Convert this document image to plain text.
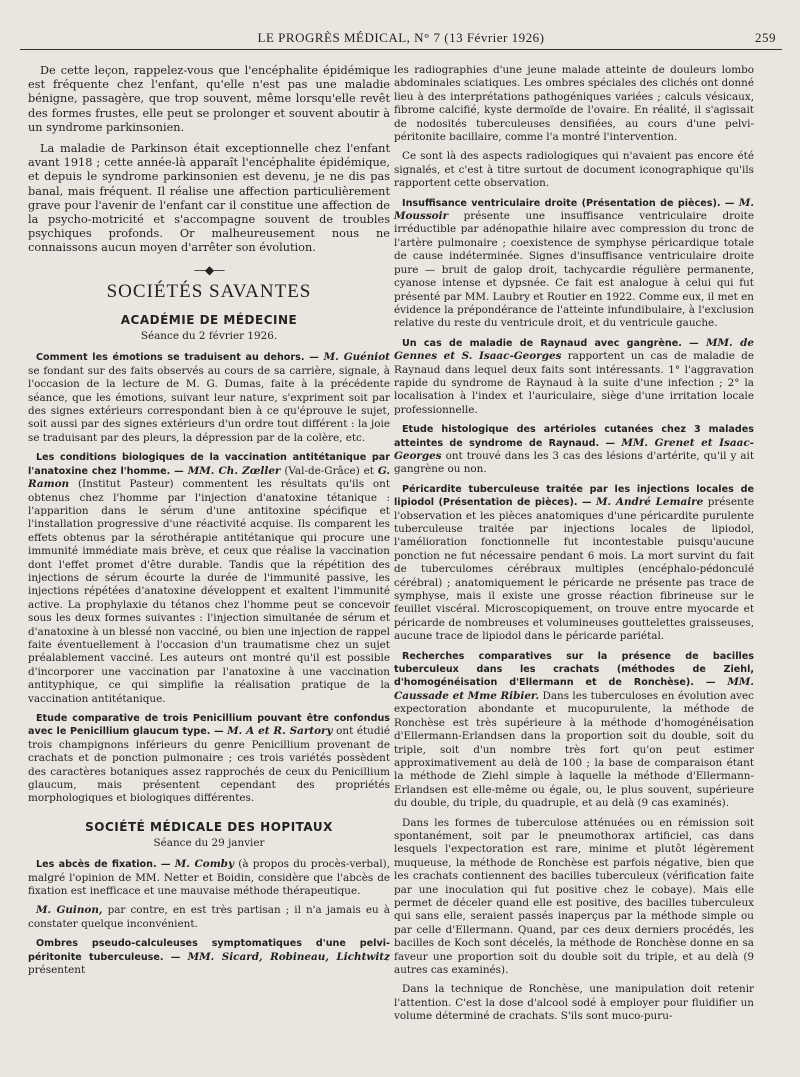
LE PROGRÈS MÉDICAL, N° 7 (13 Février 1926)	259

De cette leçon, rappelez-vous que l'encéphalite épidémique est fréquente chez l'enfant, qu'elle n'est pas une maladie bénigne, passagère, que trop souvent, même lorsqu'elle revêt des formes frustes, elle peut se prolonger et souvent aboutir à un syndrome parkinsonien.

La maladie de Parkinson était exceptionnelle chez l'enfant avant 1918 ; cette année-là apparaît l'encéphalite épidémique, et depuis le syndrome parkinsonien est devenu, je ne dis pas banal, mais fréquent. Il réalise une affection particulièrement grave pour l'avenir de l'enfant car il constitue une affection de la psycho-motricité et s'accompagne souvent de troubles psychiques profonds. Or malheureusement nous ne connaissons aucun moyen d'arrêter son évolution.

—◆—
SOCIÉTÉS SAVANTES
ACADÉMIE DE MÉDECINE
Séance du 2 février 1926.

Comment les émotions se traduisent au dehors. — M. Guéniot se fondant sur des faits observés au cours de sa carrière, signale, à l'occasion de la lecture de M. G. Dumas, faite à la précédente séance, que les émotions, suivant leur nature, s'expriment soit par des signes extérieurs correspondant bien à ce qu'éprouve le sujet, soit aussi par des signes extérieurs d'un ordre tout différent : la joie se traduisant par des pleurs, la dépression par de la colère, etc.

Les conditions biologiques de la vaccination antitétanique par l'anatoxine chez l'homme. — MM. Ch. Zœller (Val-de-Grâce) et G. Ramon (Institut Pasteur) commentent les résultats qu'ils ont obtenus chez l'homme par l'injection d'anatoxine tétanique : l'apparition dans le sérum d'une antitoxine spécifique et l'installation progressive d'une réactivité acquise. Ils comparent les effets obtenus par la sérothérapie antitétanique qui procure une immunité immédiate mais brève, et ceux que réalise la vaccination dont l'effet promet d'être durable. Tandis que la répétition des injections de sérum écourte la durée de l'immunité passive, les injections répétées d'anatoxine développent et exaltent l'immunité active. La prophylaxie du tétanos chez l'homme peut se concevoir sous les deux formes suivantes : l'injection simultanée de sérum et d'anatoxine à un blessé non vacciné, ou bien une injection de rappel faite éventuellement à l'occasion d'un traumatisme chez un sujet préalablement vacciné. Les auteurs ont montré qu'il est possible d'incorporer une vaccination par l'anatoxine à une vaccination antityphique, ce qui simplifie la réalisation pratique de la vaccination antitétanique.

Etude comparative de trois Penicillium pouvant être confondus avec le Penicillium glaucum type. — M. A et R. Sartory ont étudié trois champignons inférieurs du genre Penicillium provenant de crachats et de ponction pulmonaire ; ces trois variétés possèdent des caractères botaniques assez rapprochés de ceux du Penicillium glaucum, mais présentent cependant des propriétés morphologiques et biologiques différentes.

SOCIÉTÉ MÉDICALE DES HOPITAUX
Séance du 29 janvier

Les abcès de fixation. — M. Comby (à propos du procès-verbal), malgré l'opinion de MM. Netter et Boidin, considère que l'abcès de fixation est inefficace et une mauvaise méthode thérapeutique.

M. Guinon, par contre, en est très partisan ; il n'a jamais eu à constater quelque inconvénient.

Ombres pseudo-calculeuses symptomatiques d'une pelvi-péritonite tuberculeuse. — MM. Sicard, Robineau, Lichtwitz présentent

les radiographies d'une jeune malade atteinte de douleurs lombo abdominales sciatiques. Les ombres spéciales des clichés ont donné lieu à des interprétations pathogéniques variées ; calculs vésicaux, fibrome calcifié, kyste dermoïde de l'ovaire. En réalité, il s'agissait de nodosités tuberculeuses densifiées, au cours d'une pelvi-péritonite bacillaire, comme l'a montré l'intervention.

Ce sont là des aspects radiologiques qui n'avaient pas encore été signalés, et c'est à titre surtout de document iconographique qu'ils rapportent cette observation.

Insuffisance ventriculaire droite (Présentation de pièces). — M. Moussoir présente une insuffisance ventriculaire droite irréductible par adénopathie hilaire avec compression du tronc de l'artère pulmonaire ; coexistence de symphyse péricardique totale de cause indéterminée. Signes d'insuffisance ventriculaire droite pure — bruit de galop droit, tachycardie régulière permanente, cyanose intense et dypsnée. Ce fait est analogue à celui qui fut présenté par MM. Laubry et Routier en 1922. Comme eux, il met en évidence la prépondérance de l'atteinte infundibulaire, à l'exclusion relative du reste du ventricule droit, et du ventricule gauche.

Un cas de maladie de Raynaud avec gangrène. — MM. de Gennes et S. Isaac-Georges rapportent un cas de maladie de Raynaud dans lequel deux faits sont intéressants. 1° l'aggravation rapide du syndrome de Raynaud à la suite d'une infection ; 2° la localisation à l'index et l'auriculaire, siège d'une irritation locale professionnelle.

Etude histologique des artérioles cutanées chez 3 malades atteintes de syndrome de Raynaud. — MM. Grenet et Isaac-Georges ont trouvé dans les 3 cas des lésions d'artérite, qu'il y ait gangrène ou non.

Péricardite tuberculeuse traitée par les injections locales de lipiodol (Présentation de pièces). — M. André Lemaire présente l'observation et les pièces anatomiques d'une péricardite purulente tuberculeuse traitée par injections locales de lipiodol, l'amélioration fonctionnelle fut incontestable puisqu'aucune ponction ne fut nécessaire pendant 6 mois. La mort survint du fait de tuberculomes cérébraux multiples (encéphalo-pédonculé cérébral) ; anatomiquement le péricarde ne présente pas trace de symphyse, mais il existe une grosse réaction fibrineuse sur le feuillet viscéral. Microscopiquement, on trouve entre myocarde et péricarde de nombreuses et volumineuses gouttelettes graisseuses, aucune trace de lipiodol dans le péricarde pariétal.

Recherches comparatives sur la présence de bacilles tuberculeux dans les crachats (méthodes de Ziehl, d'homogénéisation d'Ellermann et de Ronchèse). — MM. Caussade et Mme Ribier. Dans les tuberculoses en évolution avec expectoration abondante et mucopurulente, la méthode de Ronchèse est très supérieure à la méthode d'homogénéisation d'Ellermann-Erlandsen dans la proportion soit du double, soit du triple, soit d'un nombre très fort qu'on peut estimer approximativement au delà de 100 ; la base de comparaison étant la méthode de Ziehl simple à laquelle la méthode d'Ellermann-Erlandsen est elle-même ou égale, ou, le plus souvent, supérieure du double, du triple, du quadruple, et au delà (9 cas examinés).

Dans les formes de tuberculose atténuées ou en rémission soit spontanément, soit par le pneumothorax artificiel, cas dans lesquels l'expectoration est rare, minime et plutôt légèrement muqueuse, la méthode de Ronchèse est parfois négative, bien que les crachats contiennent des bacilles tuberculeux (vérification faite par une inoculation qui fut positive chez le cobaye). Mais elle permet de déceler quand elle est positive, des bacilles tuberculeux qui sans elle, seraient passés inaperçus par la méthode simple ou par celle d'Ellermann. Quand, par ces deux derniers procédés, les bacilles de Koch sont décelés, la méthode de Ronchèse donne en sa faveur une proportion soit du double soit du triple, et au delà (9 autres cas examinés).

Dans la technique de Ronchèse, une manipulation doit retenir l'attention. C'est la dose d'alcool sodé à employer pour fluidifier un volume déterminé de crachats. S'ils sont muco-puru-
